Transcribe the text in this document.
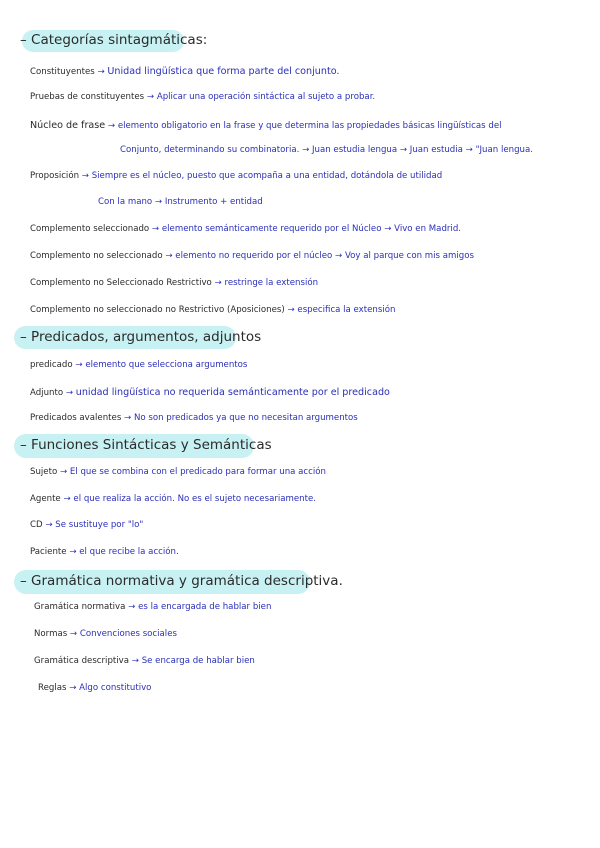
– Categorías sintagmáticas:
Constituyentes → Unidad lingüística que forma parte del conjunto.
Pruebas de constituyentes → Aplicar una operación sintáctica al sujeto a probar.
Núcleo de frase → elemento obligatorio en la frase y que determina las propiedades básicas lingüísticas del
Conjunto, determinando su combinatoria. → Juan estudia lengua → Juan estudia → "Juan lengua.
Proposición → Siempre es el núcleo, puesto que acompaña a una entidad, dotándola de utilidad
Con la mano → Instrumento + entidad
Complemento seleccionado → elemento semánticamente requerido por el Núcleo → Vivo en Madrid.
Complemento no seleccionado → elemento no requerido por el núcleo → Voy al parque con mis amigos
Complemento no Seleccionado Restrictivo → restringe la extensión
Complemento no seleccionado no Restrictivo (Aposiciones) → especifica la extensión
– Predicados, argumentos, adjuntos
predicado → elemento que selecciona argumentos
Adjunto → unidad lingüística no requerida semánticamente por el predicado
Predicados avalentes → No son predicados ya que no necesitan argumentos
– Funciones Sintácticas y Semánticas
Sujeto → El que se combina con el predicado para formar una acción
Agente → el que realiza la acción. No es el sujeto necesariamente.
CD → Se sustituye por "lo"
Paciente → el que recibe la acción.
– Gramática normativa y gramática descriptiva.
Gramática normativa → es la encargada de hablar bien
Normas → Convenciones sociales
Gramática descriptiva → Se encarga de hablar bien
Reglas → Algo constitutivo
